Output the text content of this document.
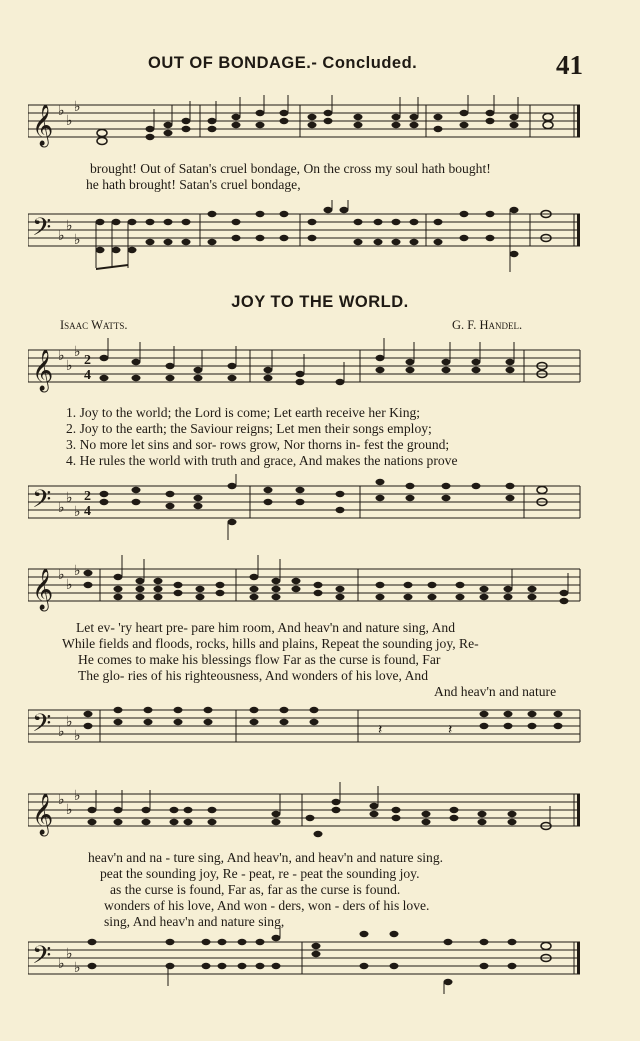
OUT OF BONDAGE.- Concluded.	41
𝄞 ♭
♭
♭
brought! Out of Satan's cruel bondage, On the cross my soul hath bought!
he hath brought! Satan's cruel bondage,
𝄢 ♭
♭
♭
JOY TO THE WORLD.
Isaac Watts.	G. F. Handel.
𝄞 ♭
♭
♭
2
4
1. Joy to the world; the Lord is come; Let earth receive her King;
2. Joy to the earth; the Saviour reigns; Let men their songs employ;
3. No more let sins and sor- rows grow, Nor thorns in- fest the ground;
4. He rules the world with truth and grace, And makes the nations prove
𝄢 ♭
♭
♭
2
4
𝄞 ♭
♭
♭
Let ev- 'ry heart pre- pare him room, And heav'n and nature sing, And
While fields and floods, rocks, hills and plains, Repeat the sounding joy, Re-
He comes to make his blessings flow Far as the curse is found, Far
The glo- ries of his righteousness, And wonders of his love, And
And heav'n and nature
𝄢 ♭
♭
♭	𝄽	𝄽
𝄞 ♭
♭
♭
heav'n and na - ture sing, And heav'n, and heav'n and nature sing.
peat the sounding joy, Re - peat, re - peat the sounding joy.
as the curse is found, Far as, far as the curse is found.
wonders of his love, And won - ders, won - ders of his love.
sing, And heav'n and nature sing,
𝄢 ♭
♭
♭
